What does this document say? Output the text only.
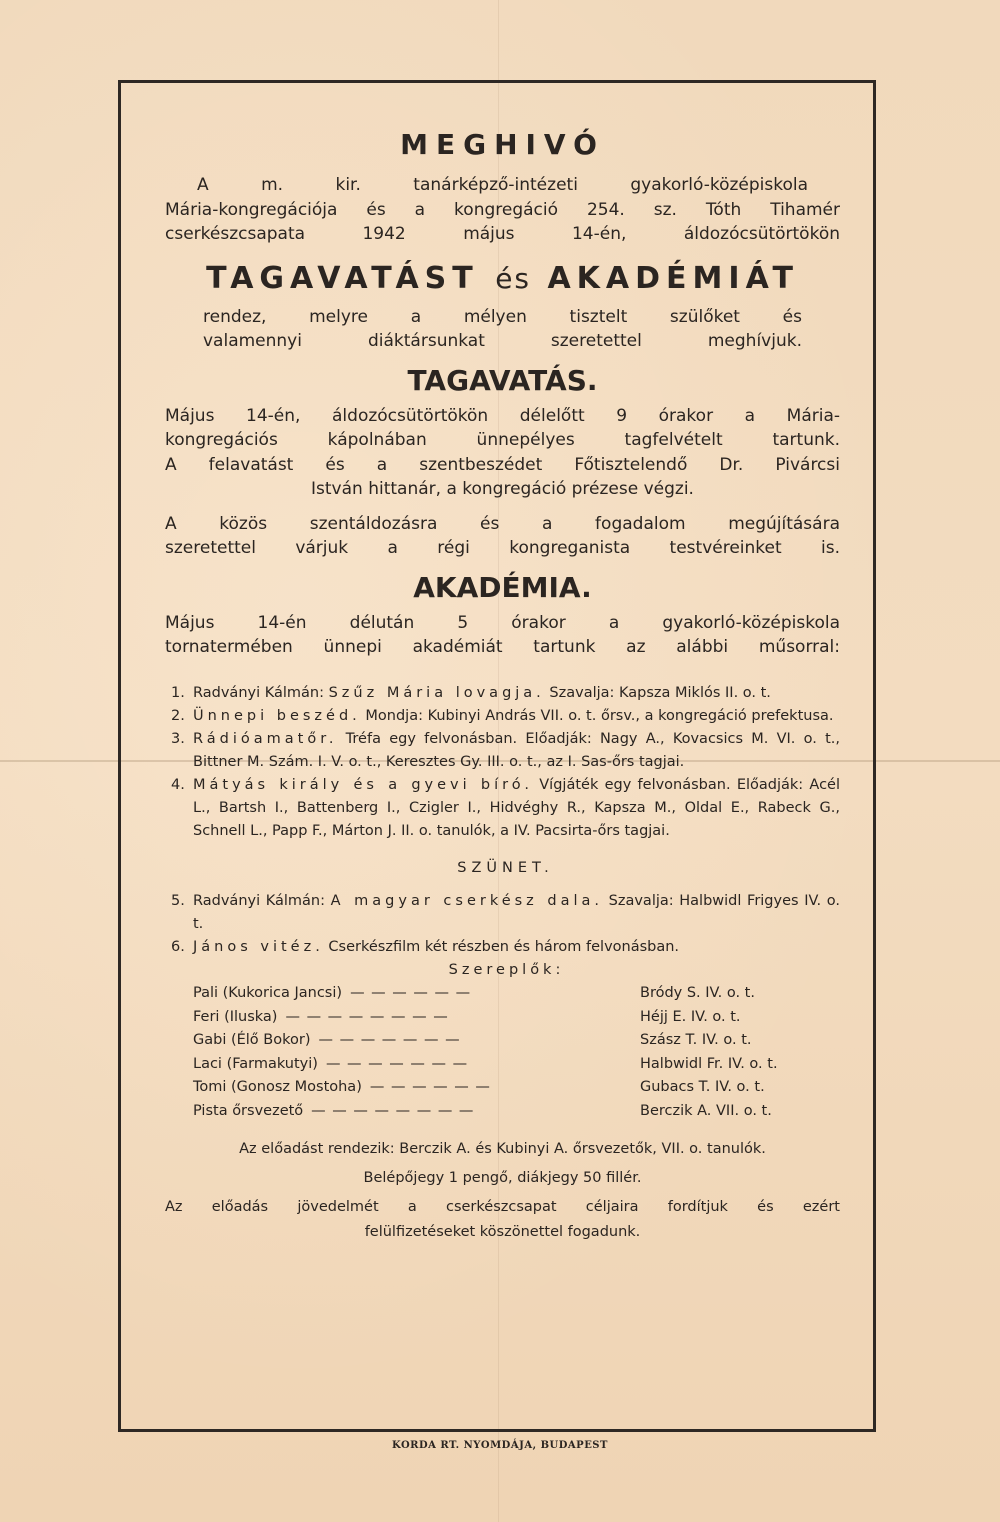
MEGHIVÓ
A m. kir. tanárképző-intézeti gyakorló-középiskola
Mária-kongregációja és a kongregáció 254. sz. Tóth Tihamér
cserkészcsapata 1942 május 14-én, áldozócsütörtökön
TAGAVATÁST és AKADÉMIÁT
rendez, melyre a mélyen tisztelt szülőket és
valamennyi diáktársunkat szeretettel meghívjuk.
TAGAVATÁS.
Május 14-én, áldozócsütörtökön délelőtt 9 órakor a Mária-
kongregációs kápolnában ünnepélyes tagfelvételt tartunk.
A felavatást és a szentbeszédet Főtisztelendő Dr. Pivárcsi
István hittanár, a kongregáció prézese végzi.
A közös szentáldozásra és a fogadalom megújítására
szeretettel várjuk a régi kongreganista testvéreinket is.
AKADÉMIA.
Május 14-én délután 5 órakor a gyakorló-középiskola
tornatermében ünnepi akadémiát tartunk az alábbi műsorral:
1. Radványi Kálmán: Szűz Mária lovagja. Szavalja: Kapsza Miklós II. o. t.
2. Ünnepi beszéd. Mondja: Kubinyi András VII. o. t. őrsv., a kongregáció prefektusa.
3. Rádióamatőr. Tréfa egy felvonásban. Előadják: Nagy A., Kovacsics M. VI. o. t., Bittner M. Szám. I. V. o. t., Keresztes Gy. III. o. t., az I. Sas-őrs tagjai.
4. Mátyás király és a gyevi bíró. Vígjáték egy felvonásban. Előadják: Acél L., Bartsh I., Battenberg I., Czigler I., Hidvéghy R., Kapsza M., Oldal E., Rabeck G., Schnell L., Papp F., Márton J. II. o. tanulók, a IV. Pacsirta-őrs tagjai.
SZÜNET.
5. Radványi Kálmán: A magyar cserkész dala. Szavalja: Halbwidl Frigyes IV. o. t.
6. János vitéz. Cserkészfilm két részben és három felvonásban.
Szereplők:
Pali (Kukorica Jancsi) — — — — — —	Bródy S. IV. o. t.
Feri (Iluska) — — — — — — — —	Héjj E. IV. o. t.
Gabi (Élő Bokor) — — — — — — —	Szász T. IV. o. t.
Laci (Farmakutyi) — — — — — — —	Halbwidl Fr. IV. o. t.
Tomi (Gonosz Mostoha) — — — — — —	Gubacs T. IV. o. t.
Pista őrsvezető — — — — — — — —	Berczik A. VII. o. t.
Az előadást rendezik: Berczik A. és Kubinyi A. őrsvezetők, VII. o. tanulók.
Belépőjegy 1 pengő, diákjegy 50 fillér.
Az előadás jövedelmét a cserkészcsapat céljaira fordítjuk és ezért
felülfizetéseket köszönettel fogadunk.
KORDA RT. NYOMDÁJA, BUDAPEST
